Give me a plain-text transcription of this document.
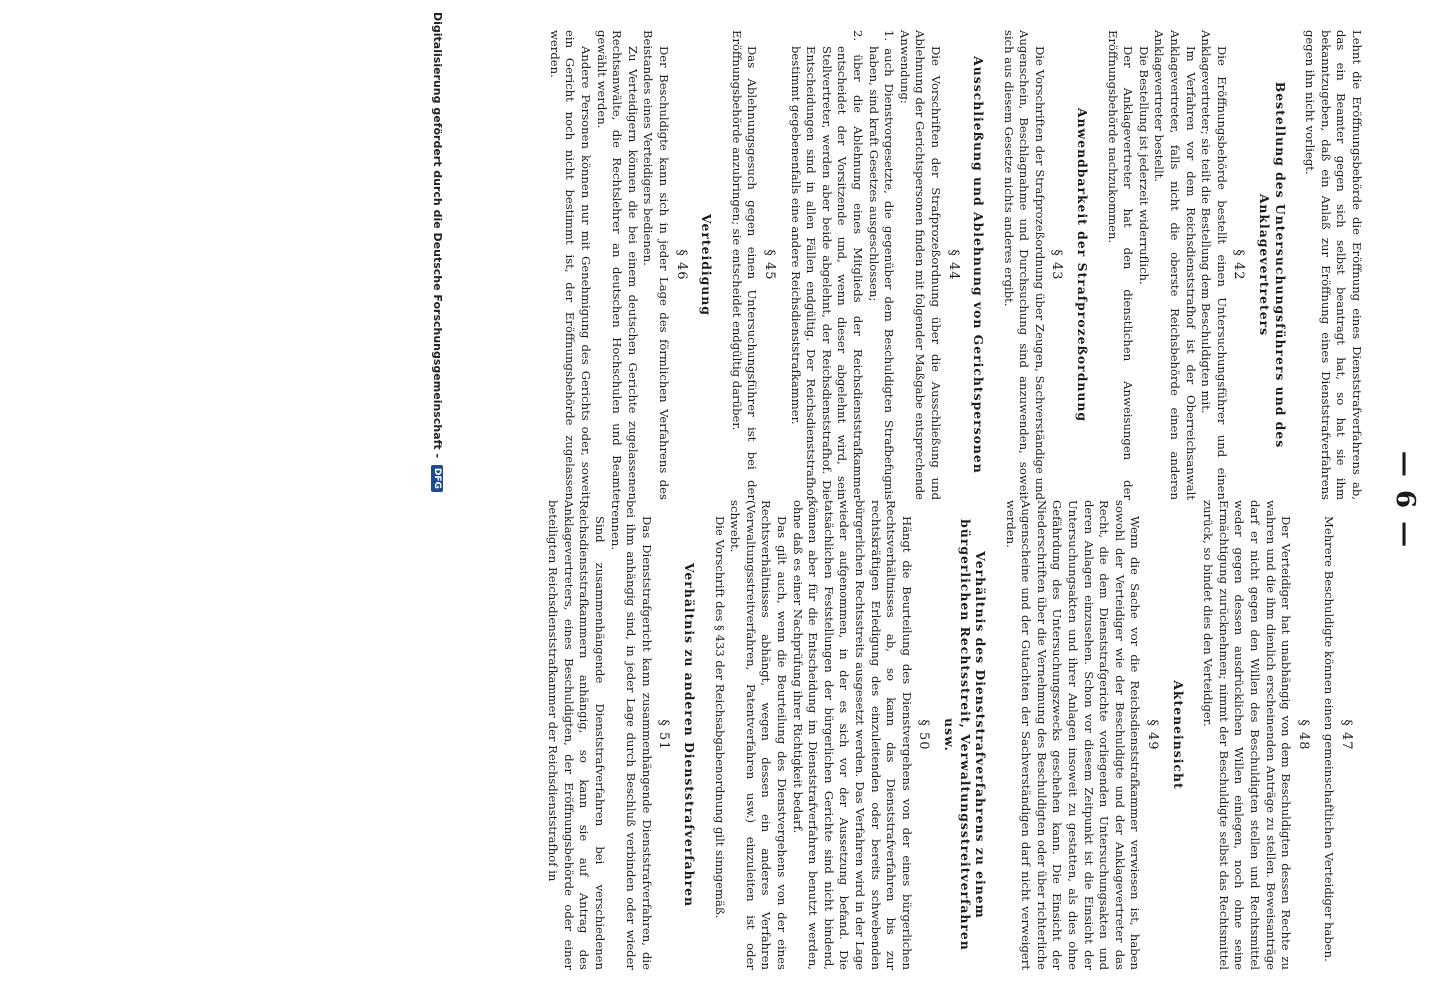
— 6 —

Lehnt die Eröffnungsbehörde die Eröffnung eines Dienststrafverfahrens ab, das ein Beamter gegen sich selbst beantragt hat, so hat sie ihm bekanntzugeben, daß ein Anlaß zur Eröffnung eines Dienststrafverfahrens gegen ihn nicht vorliegt.

Bestellung des Untersuchungsführers und des Anklagevertreters
§ 42

Die Eröffnungsbehörde bestellt einen Untersuchungsführer und einen Anklagevertreter; sie teilt die Bestellung dem Beschuldigten mit.

Im Verfahren vor dem Reichsdienststrafhof ist der Oberreichsanwalt Anklagevertreter, falls nicht die oberste Reichsbehörde einen anderen Anklagevertreter bestellt.

Die Bestellung ist jederzeit widerruflich.

Der Anklagevertreter hat den dienstlichen Anweisungen der Eröffnungsbehörde nachzukommen.

Anwendbarkeit der Strafprozeßordnung
§ 43

Die Vorschriften der Strafprozeßordnung über Zeugen, Sachverständige und Augenschein, Beschlagnahme und Durchsuchung sind anzuwenden, soweit sich aus diesem Gesetze nichts anderes ergibt.

Ausschließung und Ablehnung von Gerichtspersonen
§ 44

Die Vorschriften der Strafprozeßordnung über die Ausschließung und Ablehnung der Gerichtspersonen finden mit folgender Maßgabe entsprechende Anwendung:

1. auch Dienstvorgesetzte, die gegenüber dem Beschuldigten Strafbefugnis haben, sind kraft Gesetzes ausgeschlossen;

2. über die Ablehnung eines Mitglieds der Reichsdienststrafkammer entscheidet der Vorsitzende und, wenn dieser abgelehnt wird, sein Stellvertreter, werden aber beide abgelehnt, der Reichsdienststrafhof. Die Entscheidungen sind in allen Fällen endgültig. Der Reichsdienststrafhof bestimmt gegebenenfalls eine andere Reichsdienststrafkammer.

§ 45

Das Ablehnungsgesuch gegen einen Untersuchungsführer ist bei der Eröffnungsbehörde anzubringen; sie entscheidet endgültig darüber.

Verteidigung
§ 46

Der Beschuldigte kann sich in jeder Lage des förmlichen Verfahrens des Beistandes eines Verteidigers bedienen.

Zu Verteidigern können die bei einem deutschen Gerichte zugelassenen Rechtsanwälte, die Rechtslehrer an deutschen Hochschulen und Beamte gewählt werden.

Andere Personen können nur mit Genehmigung des Gerichts oder, soweit ein Gericht noch nicht bestimmt ist, der Eröffnungsbehörde zugelassen werden.

§ 47

Mehrere Beschuldigte können einen gemeinschaftlichen Verteidiger haben.

§ 48

Der Verteidiger hat unabhängig von dem Beschuldigten dessen Rechte zu wahren und die ihm dienlich erscheinenden Anträge zu stellen. Beweisanträge darf er nicht gegen den Willen des Beschuldigten stellen und Rechtsmittel weder gegen dessen ausdrücklichen Willen einlegen, noch ohne seine Ermächtigung zurücknehmen; nimmt der Beschuldigte selbst das Rechtsmittel zurück, so bindet dies den Verteidiger.

Akteneinsicht
§ 49

Wenn die Sache vor die Reichsdienststrafkammer verwiesen ist, haben sowohl der Verteidiger wie der Beschuldigte und der Anklagevertreter das Recht, die dem Dienststrafgerichte vorliegenden Untersuchungsakten und deren Anlagen einzusehen. Schon vor diesem Zeitpunkt ist die Einsicht der Untersuchungsakten und ihrer Anlagen insoweit zu gestatten, als dies ohne Gefährdung des Untersuchungszwecks geschehen kann. Die Einsicht der Niederschriften über die Vernehmung des Beschuldigten oder über richterliche Augenscheine und der Gutachten der Sachverständigen darf nicht verweigert werden.

Verhältnis des Dienststrafverfahrens zu einem bürgerlichen Rechtsstreit, Verwaltungsstreitverfahren usw.
§ 50

Hängt die Beurteilung des Dienstvergehens von der eines bürgerlichen Rechtsverhältnisses ab, so kann das Dienststrafverfahren bis zur rechtskräftigen Erledigung des einzuleitenden oder bereits schwebenden bürgerlichen Rechtsstreits ausgesetzt werden. Das Verfahren wird in der Lage wieder aufgenommen, in der es sich vor der Aussetzung befand. Die tatsächlichen Feststellungen der bürgerlichen Gerichte sind nicht bindend, können aber für die Entscheidung im Dienststrafverfahren benutzt werden, ohne daß es einer Nachprüfung ihrer Richtigkeit bedarf.

Das gilt auch, wenn die Beurteilung des Dienstvergehens von der eines Rechtsverhältnisses abhängt, wegen dessen ein anderes Verfahren (Verwaltungsstreitverfahren, Patentverfahren usw.) einzuleiten ist oder schwebt.

Die Vorschrift des § 433 der Reichsabgabenordnung gilt sinngemäß.

Verhältnis zu anderen Dienststrafverfahren
§ 51

Das Dienststrafgericht kann zusammenhängende Dienststrafverfahren, die bei ihm anhängig sind, in jeder Lage durch Beschluß verbinden oder wieder trennen.

Sind zusammenhängende Dienststrafverfahren bei verschiedenen Reichsdienststrafkammern anhängig, so kann sie auf Antrag des Anklagevertreters, eines Beschuldigten, der Eröffnungsbehörde oder einer beteiligten Reichsdienststrafkammer der Reichsdienststrafhof in

Digitalisierung gefördert durch die Deutsche Forschungsgemeinschaft - DFG
